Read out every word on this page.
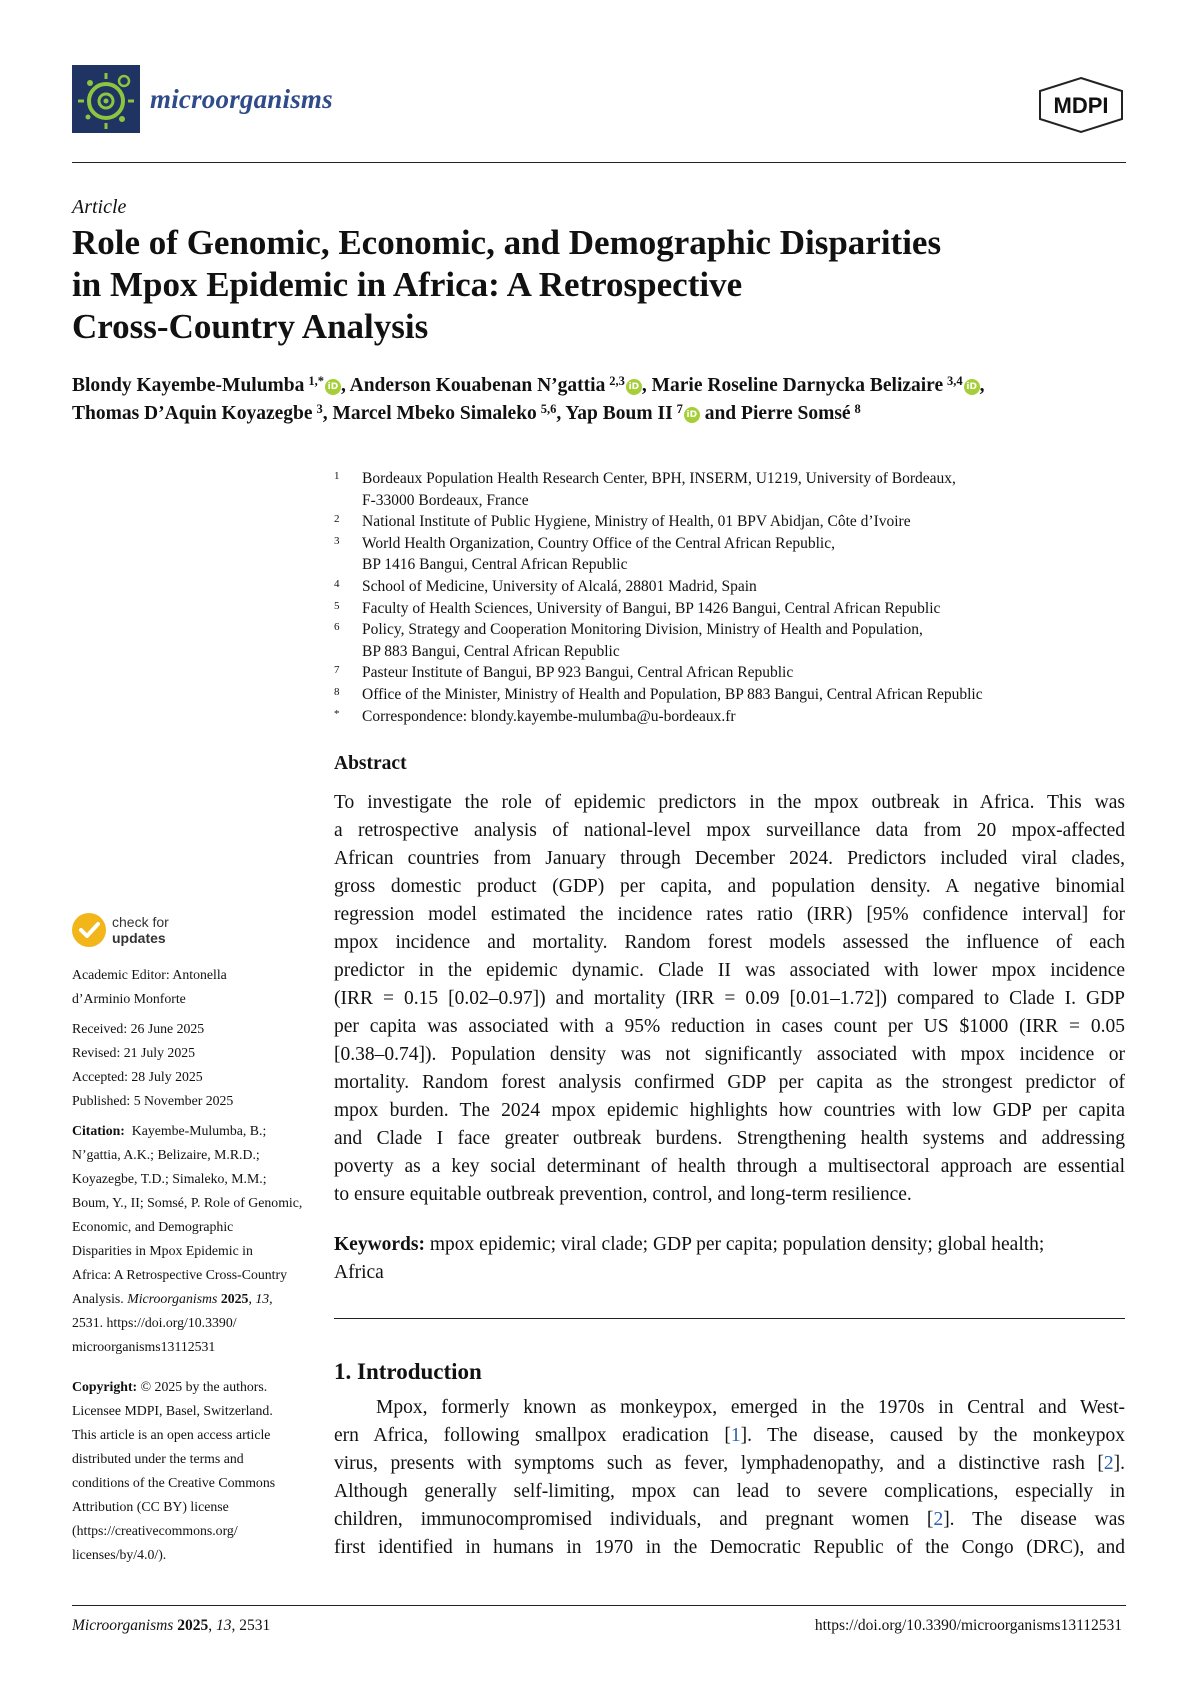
microorganisms	MDPI
Article
Role of Genomic, Economic, and Demographic Disparities
in Mpox Epidemic in Africa: A Retrospective
Cross-Country Analysis
Blondy Kayembe-Mulumba  $^{1,*}$ iD , Anderson Kouabenan N’gattia  $^{2,3}$ iD , Marie Roseline Darnycka Belizaire  $^{3,4}$ iD ,
Thomas D’Aquin Koyazegbe  $^3$, Marcel Mbeko Simaleko  $^{5,6}$, Yap Boum II  $^7$ iD and Pierre Somsé  $^8$
1	Bordeaux Population Health Research Center, BPH, INSERM, U1219, University of Bordeaux,
F-33000 Bordeaux, France
2	National Institute of Public Hygiene, Ministry of Health, 01 BPV Abidjan, Côte d’Ivoire
3	World Health Organization, Country Office of the Central African Republic,
BP 1416 Bangui, Central African Republic
4	School of Medicine, University of Alcalá, 28801 Madrid, Spain
5	Faculty of Health Sciences, University of Bangui, BP 1426 Bangui, Central African Republic
6	Policy, Strategy and Cooperation Monitoring Division, Ministry of Health and Population,
BP 883 Bangui, Central African Republic
7	Pasteur Institute of Bangui, BP 923 Bangui, Central African Republic
8	Office of the Minister, Ministry of Health and Population, BP 883 Bangui, Central African Republic
*	Correspondence: blondy.kayembe-mulumba@u-bordeaux.fr
Abstract
To investigate the role of epidemic predictors in the mpox outbreak in Africa. This was
a retrospective analysis of national-level mpox surveillance data from 20 mpox-affected
African countries from January through December 2024. Predictors included viral clades,
gross domestic product (GDP) per capita, and population density. A negative binomial
regression model estimated the incidence rates ratio (IRR) [95% confidence interval] for
mpox incidence and mortality. Random forest models assessed the influence of each
predictor in the epidemic dynamic. Clade II was associated with lower mpox incidence
(IRR = 0.15 [0.02–0.97]) and mortality (IRR = 0.09 [0.01–1.72]) compared to Clade I. GDP
per capita was associated with a 95% reduction in cases count per US $1000 (IRR = 0.05
[0.38–0.74]). Population density was not significantly associated with mpox incidence or
mortality. Random forest analysis confirmed GDP per capita as the strongest predictor of
mpox burden. The 2024 mpox epidemic highlights how countries with low GDP per capita
and Clade I face greater outbreak burdens. Strengthening health systems and addressing
poverty as a key social determinant of health through a multisectoral approach are essential
to ensure equitable outbreak prevention, control, and long-term resilience.
Keywords: mpox epidemic; viral clade; GDP per capita; population density; global health;
Africa
1. Introduction
Mpox, formerly known as monkeypox, emerged in the 1970s in Central and West-
ern Africa, following smallpox eradication [1]. The disease, caused by the monkeypox
virus, presents with symptoms such as fever, lymphadenopathy, and a distinctive rash [2].
Although generally self-limiting, mpox can lead to severe complications, especially in
children, immunocompromised individuals, and pregnant women [2]. The disease was
first identified in humans in 1970 in the Democratic Republic of the Congo (DRC), and
check for
updates
Academic Editor: Antonella
d’Arminio Monforte
Received: 26 June 2025
Revised: 21 July 2025
Accepted: 28 July 2025
Published: 5 November 2025
Citation: Kayembe-Mulumba, B.;
N’gattia, A.K.; Belizaire, M.R.D.;
Koyazegbe, T.D.; Simaleko, M.M.;
Boum, Y., II; Somsé, P. Role of Genomic,
Economic, and Demographic
Disparities in Mpox Epidemic in
Africa: A Retrospective Cross-Country
Analysis. Microorganisms 2025, 13,
2531. https://doi.org/10.3390/
microorganisms13112531
Copyright: © 2025 by the authors.
Licensee MDPI, Basel, Switzerland.
This article is an open access article
distributed under the terms and
conditions of the Creative Commons
Attribution (CC BY) license
(https://creativecommons.org/
licenses/by/4.0/).
Microorganisms 2025, 13, 2531	https://doi.org/10.3390/microorganisms13112531
